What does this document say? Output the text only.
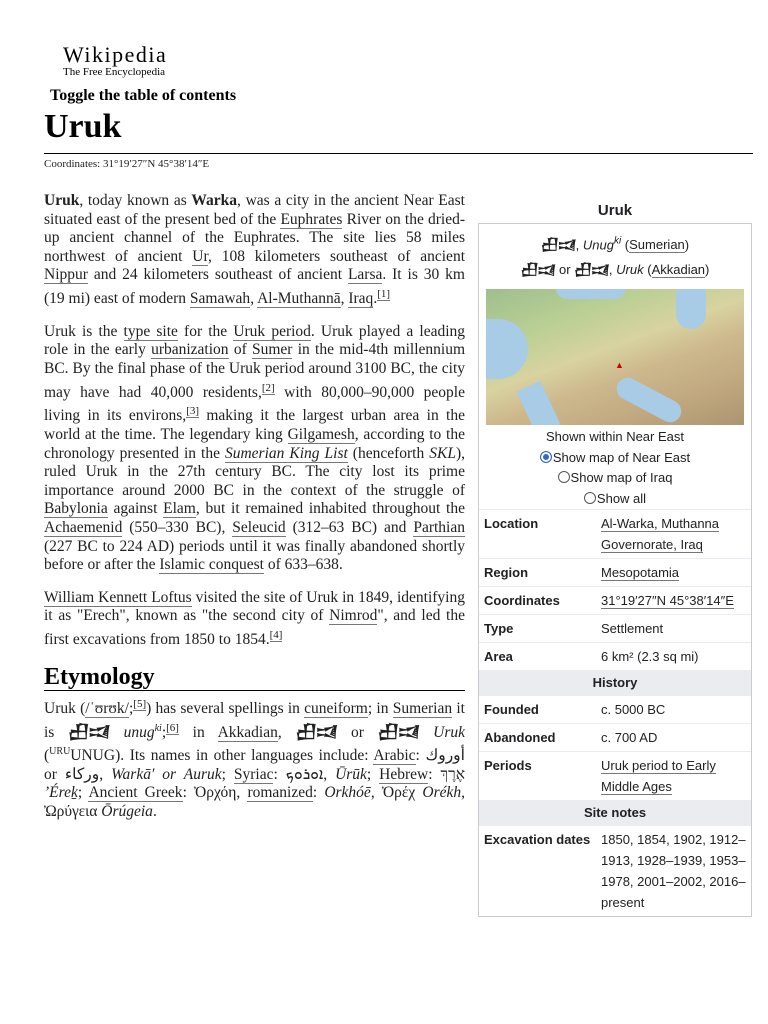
Wikipedia
The Free Encyclopedia
Toggle the table of contents
Uruk
Coordinates: 31°19′27″N 45°38′14″E

Uruk, today known as Warka, was a city in the ancient Near East situated east of the present bed of the Euphrates River on the dried-up ancient channel of the Euphrates. The site lies 58 miles northwest of ancient Ur, 108 kilometers southeast of ancient Nippur and 24 kilometers southeast of ancient Larsa. It is 30 km (19 mi) east of modern Samawah, Al-Muthannā, Iraq.[1]

Uruk is the type site for the Uruk period. Uruk played a leading role in the early urbanization of Sumer in the mid-4th millennium BC. By the final phase of the Uruk period around 3100 BC, the city may have had 40,000 residents,[2] with 80,000–90,000 people living in its environs,[3] making it the largest urban area in the world at the time. The legendary king Gilgamesh, according to the chronology presented in the Sumerian King List (henceforth SKL), ruled Uruk in the 27th century BC. The city lost its prime importance around 2000 BC in the context of the struggle of Babylonia against Elam, but it remained inhabited throughout the Achaemenid (550–330 BC), Seleucid (312–63 BC) and Parthian (227 BC to 224 AD) periods until it was finally abandoned shortly before or after the Islamic conquest of 633–638.

William Kennett Loftus visited the site of Uruk in 1849, identifying it as "Erech", known as "the second city of Nimrod", and led the first excavations from 1850 to 1854.[4]

Etymology

Uruk (/ˈʊrʊk/;[5]) has several spellings in cuneiform; in Sumerian it is 𒌷𒀕 unug$^{ki}$;[6] in Akkadian, 𒌷𒀕 or 𒌷𒀕 Uruk ($^{URU}$UNUG). Its names in other languages include: Arabic: أوروك or وركاء, Warkā′ or Auruk; Syriac: ܐܘܪܘܟ, Ūrūk; Hebrew: אֶרֶךְ ʼÉreḵ; Ancient Greek: Ὀρχόη, romanized: Orkhóē, Ὀρέχ Orékh, Ὠρύγεια Ōrúgeia.

Uruk
𒌷𒀕, Unug$^{ki}$ (Sumerian)
𒌷𒀕 or 𒌷𒀕, Uruk (Akkadian)
▲
Shown within Near East
Show map of Near East
Show map of Iraq
Show all
Location	Al-Warka, Muthanna Governorate, Iraq
Region	Mesopotamia
Coordinates	31°19′27″N 45°38′14″E
Type	Settlement
Area	6 km² (2.3 sq mi)
History
Founded	c. 5000 BC
Abandoned	c. 700 AD
Periods	Uruk period to Early Middle Ages
Site notes
Excavation dates	1850, 1854, 1902, 1912–1913, 1928–1939, 1953–1978, 2001–2002, 2016–present
